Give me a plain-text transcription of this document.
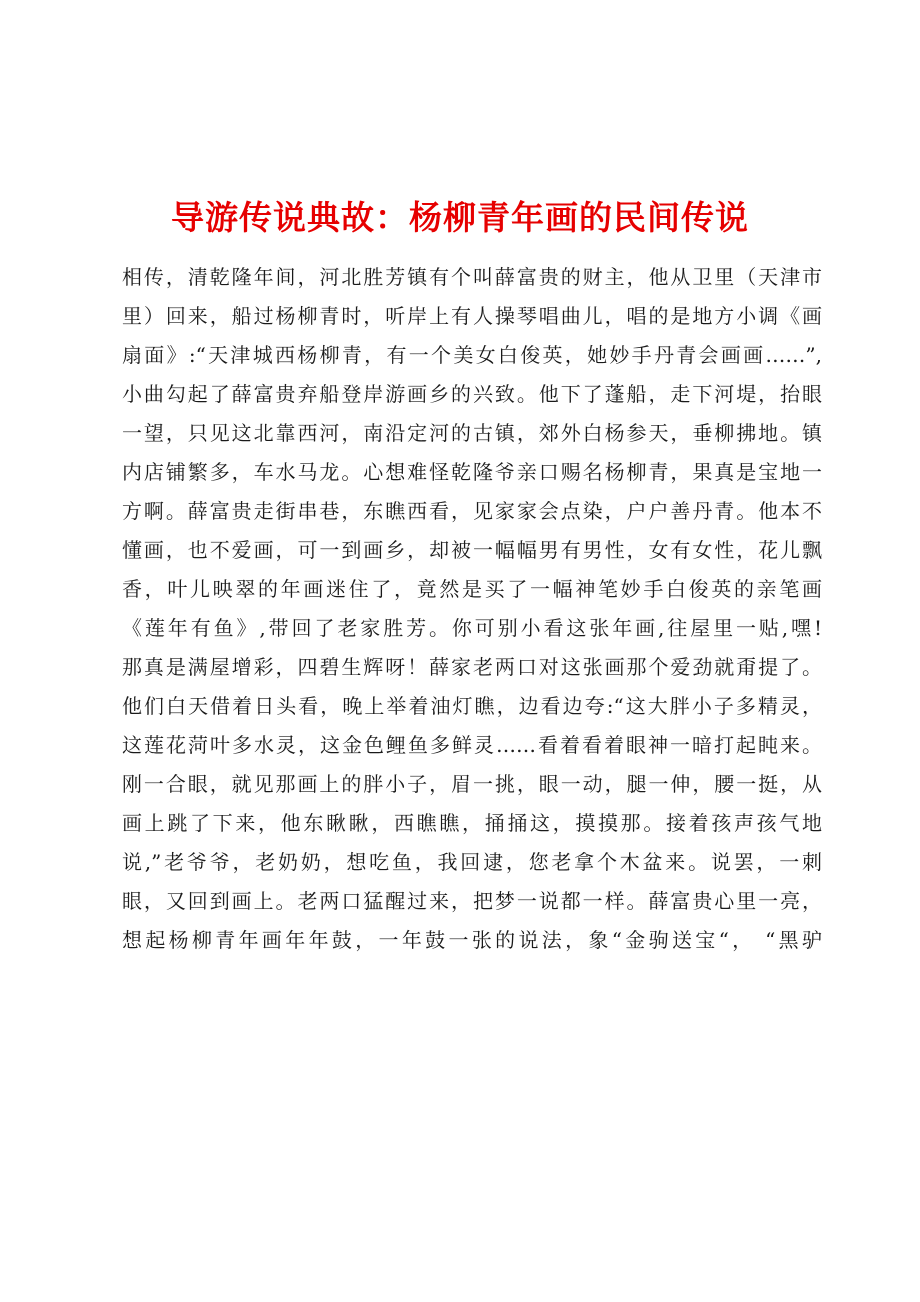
导游传说典故：杨柳青年画的民间传说
相传，清乾隆年间，河北胜芳镇有个叫薛富贵的财主，他从卫里（天津市
里）回来，船过杨柳青时，听岸上有人操琴唱曲儿，唱的是地方小调《画
扇面》:“天津城西杨柳青，有一个美女白俊英，她妙手丹青会画画……”,
小曲勾起了薛富贵弃船登岸游画乡的兴致。他下了蓬船，走下河堤，抬眼
一望，只见这北靠西河，南沿定河的古镇，郊外白杨参天，垂柳拂地。镇
内店铺繁多，车水马龙。心想难怪乾隆爷亲口赐名杨柳青，果真是宝地一
方啊。薛富贵走街串巷，东瞧西看，见家家会点染，户户善丹青。他本不
懂画，也不爱画，可一到画乡，却被一幅幅男有男性，女有女性，花儿飘
香，叶儿映翠的年画迷住了，竟然是买了一幅神笔妙手白俊英的亲笔画
《莲年有鱼》,带回了老家胜芳。你可别小看这张年画,往屋里一贴,嘿!
那真是满屋增彩，四碧生辉呀！薛家老两口对这张画那个爱劲就甭提了。
他们白天借着日头看，晚上举着油灯瞧，边看边夸:“这大胖小子多精灵，
这莲花菏叶多水灵，这金色鲤鱼多鲜灵……看着看着眼神一暗打起盹来。
刚一合眼，就见那画上的胖小子，眉一挑，眼一动，腿一伸，腰一挺，从
画上跳了下来，他东瞅瞅，西瞧瞧，捅捅这，摸摸那。接着孩声孩气地
说,”老爷爷，老奶奶，想吃鱼，我回逮，您老拿个木盆来。说罢，一刺
眼，又回到画上。老两口猛醒过来，把梦一说都一样。薛富贵心里一亮，
想起杨柳青年画年年鼓，一年鼓一张的说法，象“金驹送宝“， “黑驴
